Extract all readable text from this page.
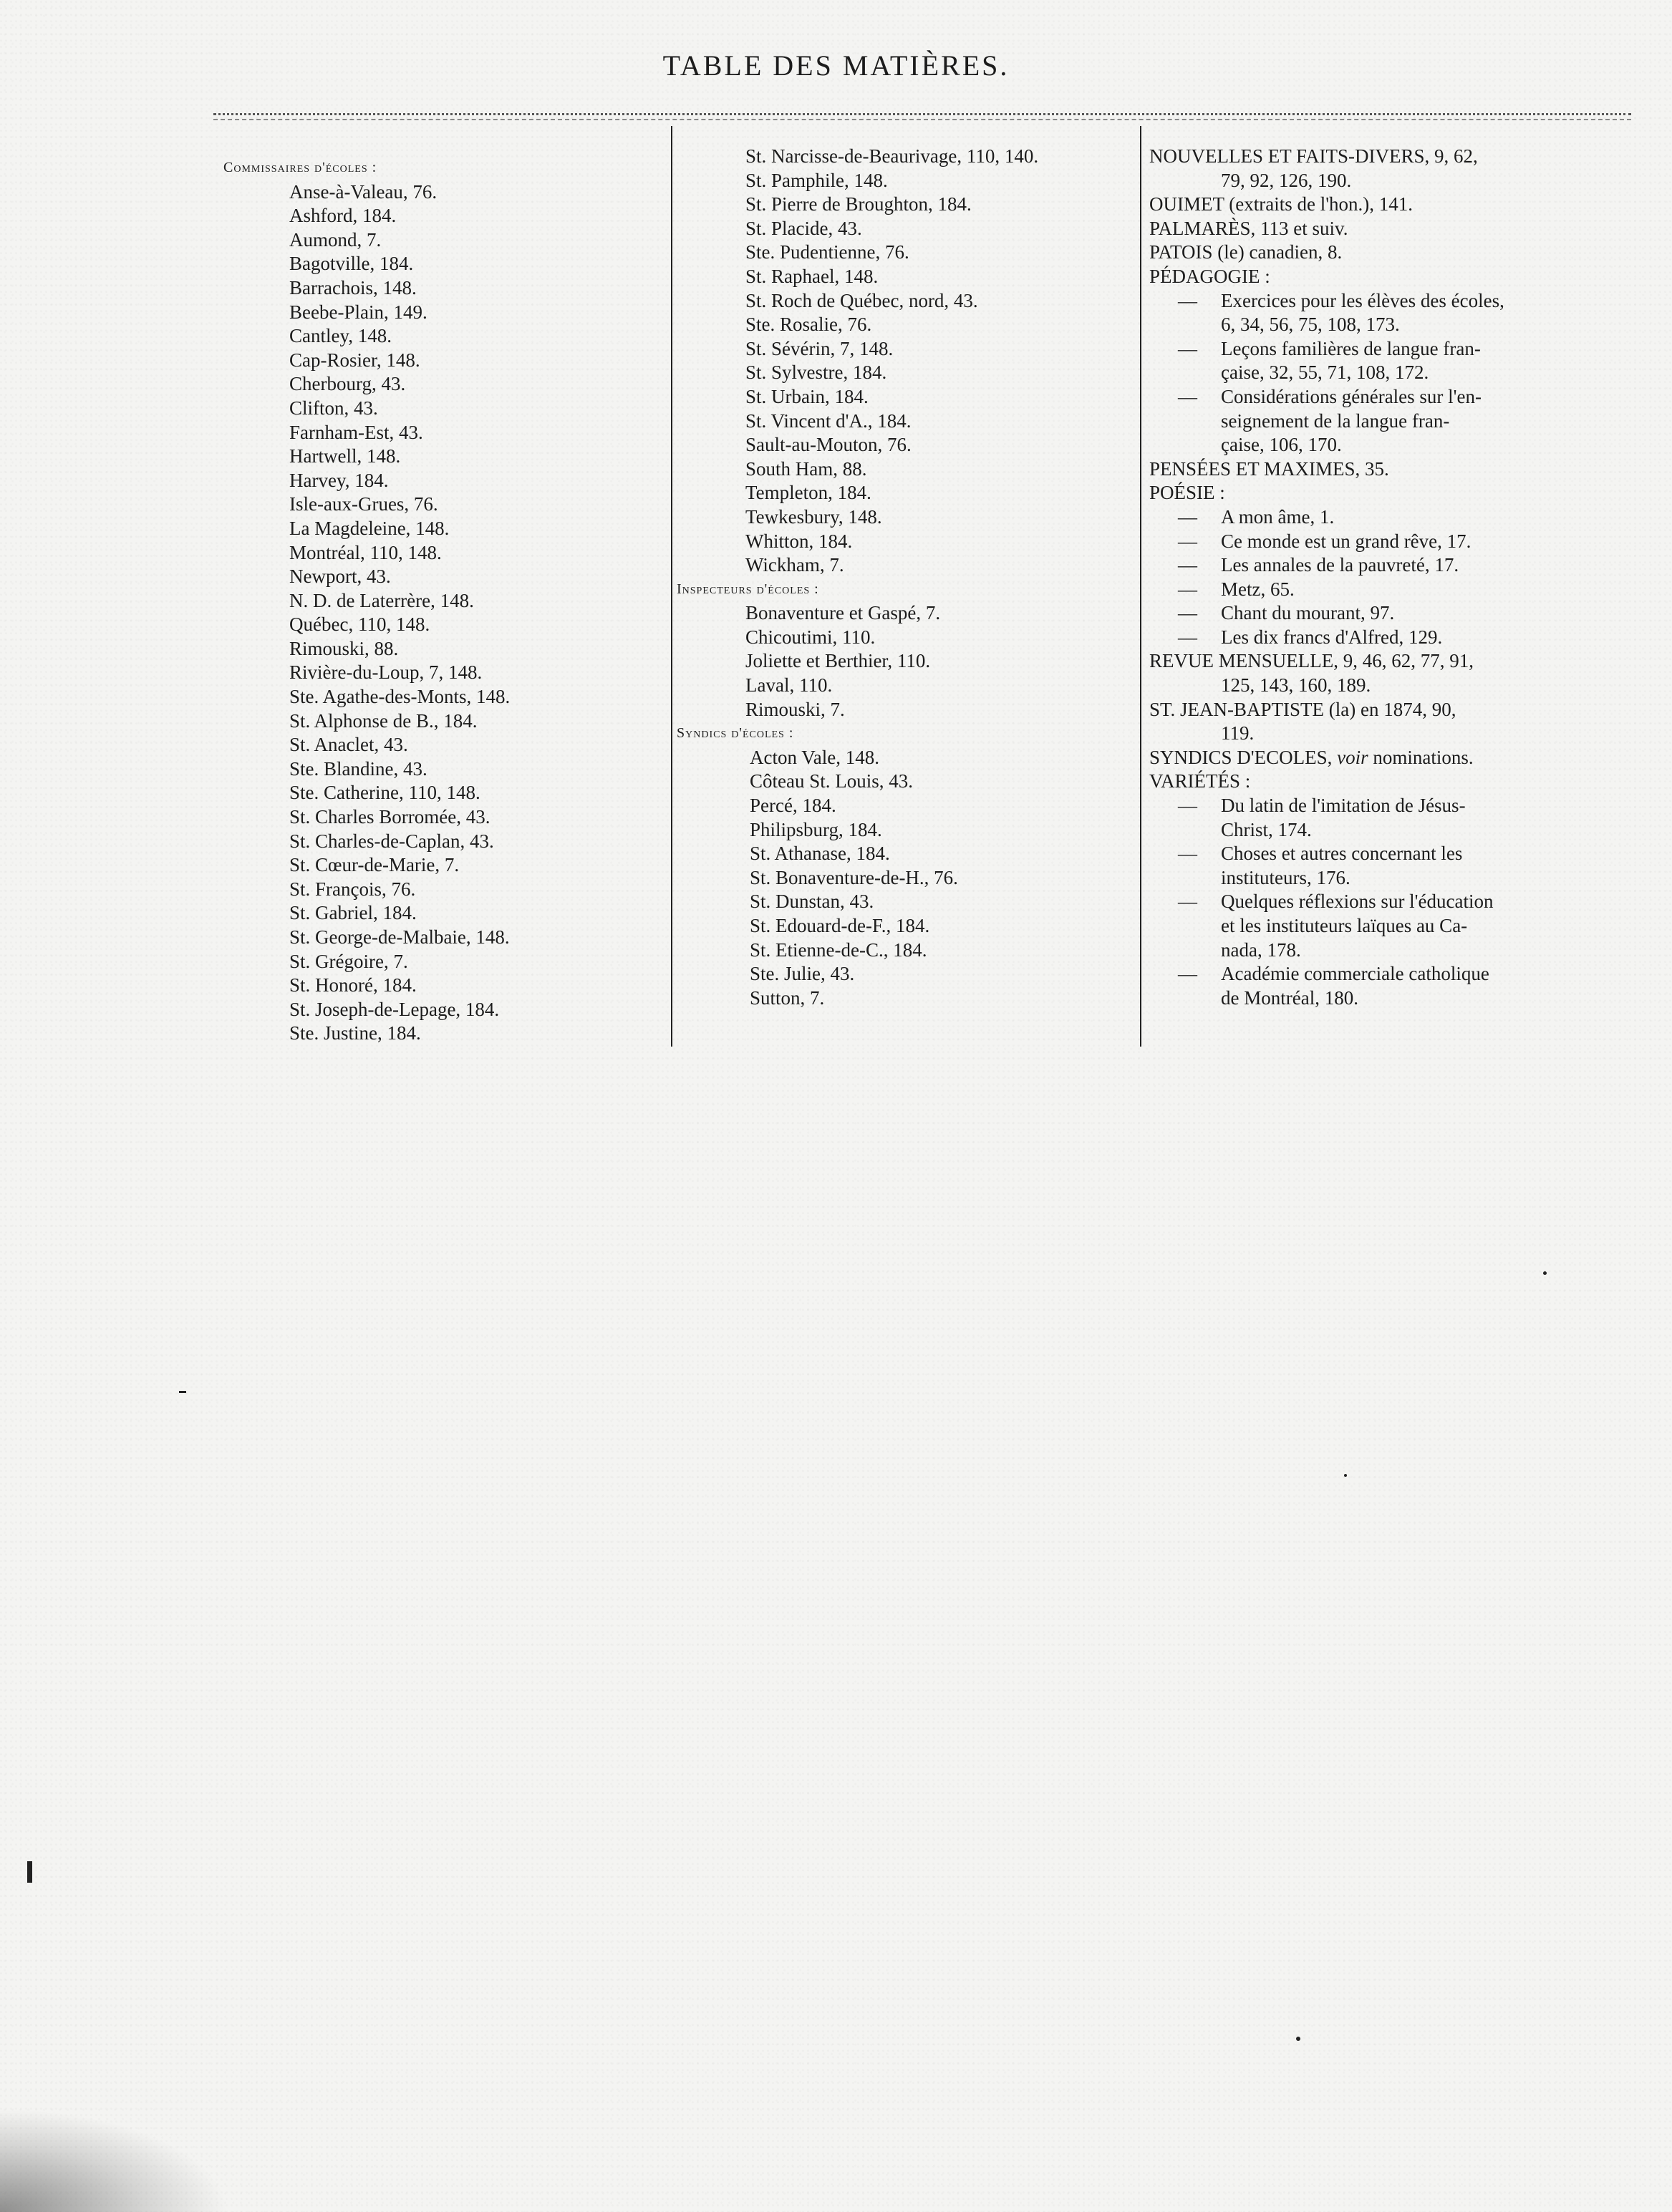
TABLE DES MATIÈRES.
Commissaires d'écoles :
Anse-à-Valeau, 76.
Ashford, 184.
Aumond, 7.
Bagotville, 184.
Barrachois, 148.
Beebe-Plain, 149.
Cantley, 148.
Cap-Rosier, 148.
Cherbourg, 43.
Clifton, 43.
Farnham-Est, 43.
Hartwell, 148.
Harvey, 184.
Isle-aux-Grues, 76.
La Magdeleine, 148.
Montréal, 110, 148.
Newport, 43.
N. D. de Laterrère, 148.
Québec, 110, 148.
Rimouski, 88.
Rivière-du-Loup, 7, 148.
Ste. Agathe-des-Monts, 148.
St. Alphonse de B., 184.
St. Anaclet, 43.
Ste. Blandine, 43.
Ste. Catherine, 110, 148.
St. Charles Borromée, 43.
St. Charles-de-Caplan, 43.
St. Cœur-de-Marie, 7.
St. François, 76.
St. Gabriel, 184.
St. George-de-Malbaie, 148.
St. Grégoire, 7.
St. Honoré, 184.
St. Joseph-de-Lepage, 184.
Ste. Justine, 184.
St. Narcisse-de-Beaurivage, 110, 140.
St. Pamphile, 148.
St. Pierre de Broughton, 184.
St. Placide, 43.
Ste. Pudentienne, 76.
St. Raphael, 148.
St. Roch de Québec, nord, 43.
Ste. Rosalie, 76.
St. Sévérin, 7, 148.
St. Sylvestre, 184.
St. Urbain, 184.
St. Vincent d'A., 184.
Sault-au-Mouton, 76.
South Ham, 88.
Templeton, 184.
Tewkesbury, 148.
Whitton, 184.
Wickham, 7.
Inspecteurs d'écoles :
Bonaventure et Gaspé, 7.
Chicoutimi, 110.
Joliette et Berthier, 110.
Laval, 110.
Rimouski, 7.
Syndics d'écoles :
Acton Vale, 148.
Côteau St. Louis, 43.
Percé, 184.
Philipsburg, 184.
St. Athanase, 184.
St. Bonaventure-de-H., 76.
St. Dunstan, 43.
St. Edouard-de-F., 184.
St. Etienne-de-C., 184.
Ste. Julie, 43.
Sutton, 7.
NOUVELLES ET FAITS-DIVERS, 9, 62,
79, 92, 126, 190.
OUIMET (extraits de l'hon.), 141.
PALMARÈS, 113 et suiv.
PATOIS (le) canadien, 8.
PÉDAGOGIE :
— Exercices pour les élèves des écoles,
6, 34, 56, 75, 108, 173.
— Leçons familières de langue fran-
çaise, 32, 55, 71, 108, 172.
— Considérations générales sur l'en-
seignement de la langue fran-
çaise, 106, 170.
PENSÉES ET MAXIMES, 35.
POÉSIE :
— A mon âme, 1.
— Ce monde est un grand rêve, 17.
— Les annales de la pauvreté, 17.
— Metz, 65.
— Chant du mourant, 97.
— Les dix francs d'Alfred, 129.
REVUE MENSUELLE, 9, 46, 62, 77, 91,
125, 143, 160, 189.
ST. JEAN-BAPTISTE (la) en 1874, 90,
119.
SYNDICS D'ECOLES, voir nominations.
VARIÉTÉS :
— Du latin de l'imitation de Jésus-
Christ, 174.
— Choses et autres concernant les
instituteurs, 176.
— Quelques réflexions sur l'éducation
et les instituteurs laïques au Ca-
nada, 178.
— Académie commerciale catholique
de Montréal, 180.
